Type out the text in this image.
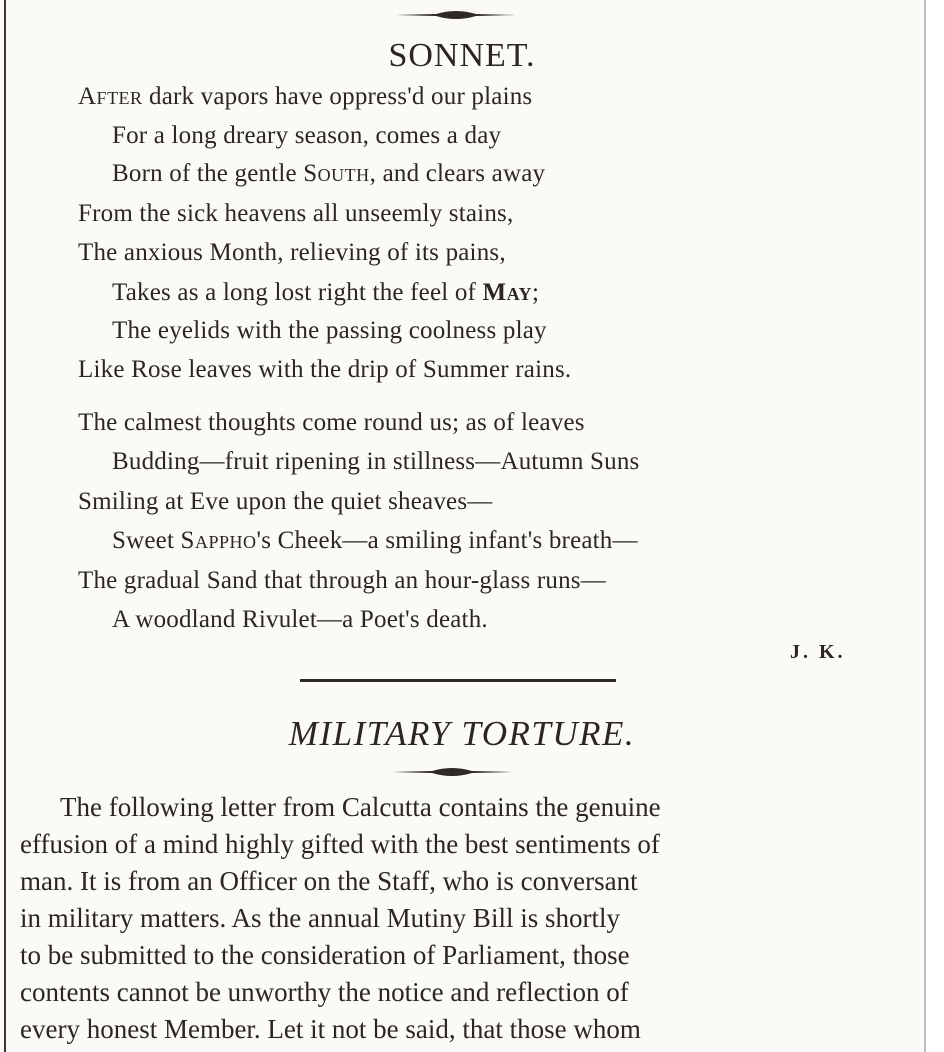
SONNET.
After dark vapors have oppress'd our plains
For a long dreary season, comes a day
Born of the gentle South, and clears away
From the sick heavens all unseemly stains,
The anxious Month, relieving of its pains,
Takes as a long lost right the feel of May;
The eyelids with the passing coolness play
Like Rose leaves with the drip of Summer rains.
The calmest thoughts come round us; as of leaves
Budding—fruit ripening in stillness—Autumn Suns
Smiling at Eve upon the quiet sheaves—
Sweet Sappho's Cheek—a smiling infant's breath—
The gradual Sand that through an hour-glass runs—
A woodland Rivulet—a Poet's death.
J. K.
MILITARY TORTURE.
The following letter from Calcutta contains the genuine
effusion of a mind highly gifted with the best sentiments of
man. It is from an Officer on the Staff, who is conversant
in military matters. As the annual Mutiny Bill is shortly
to be submitted to the consideration of Parliament, those
contents cannot be unworthy the notice and reflection of
every honest Member. Let it not be said, that those whom
